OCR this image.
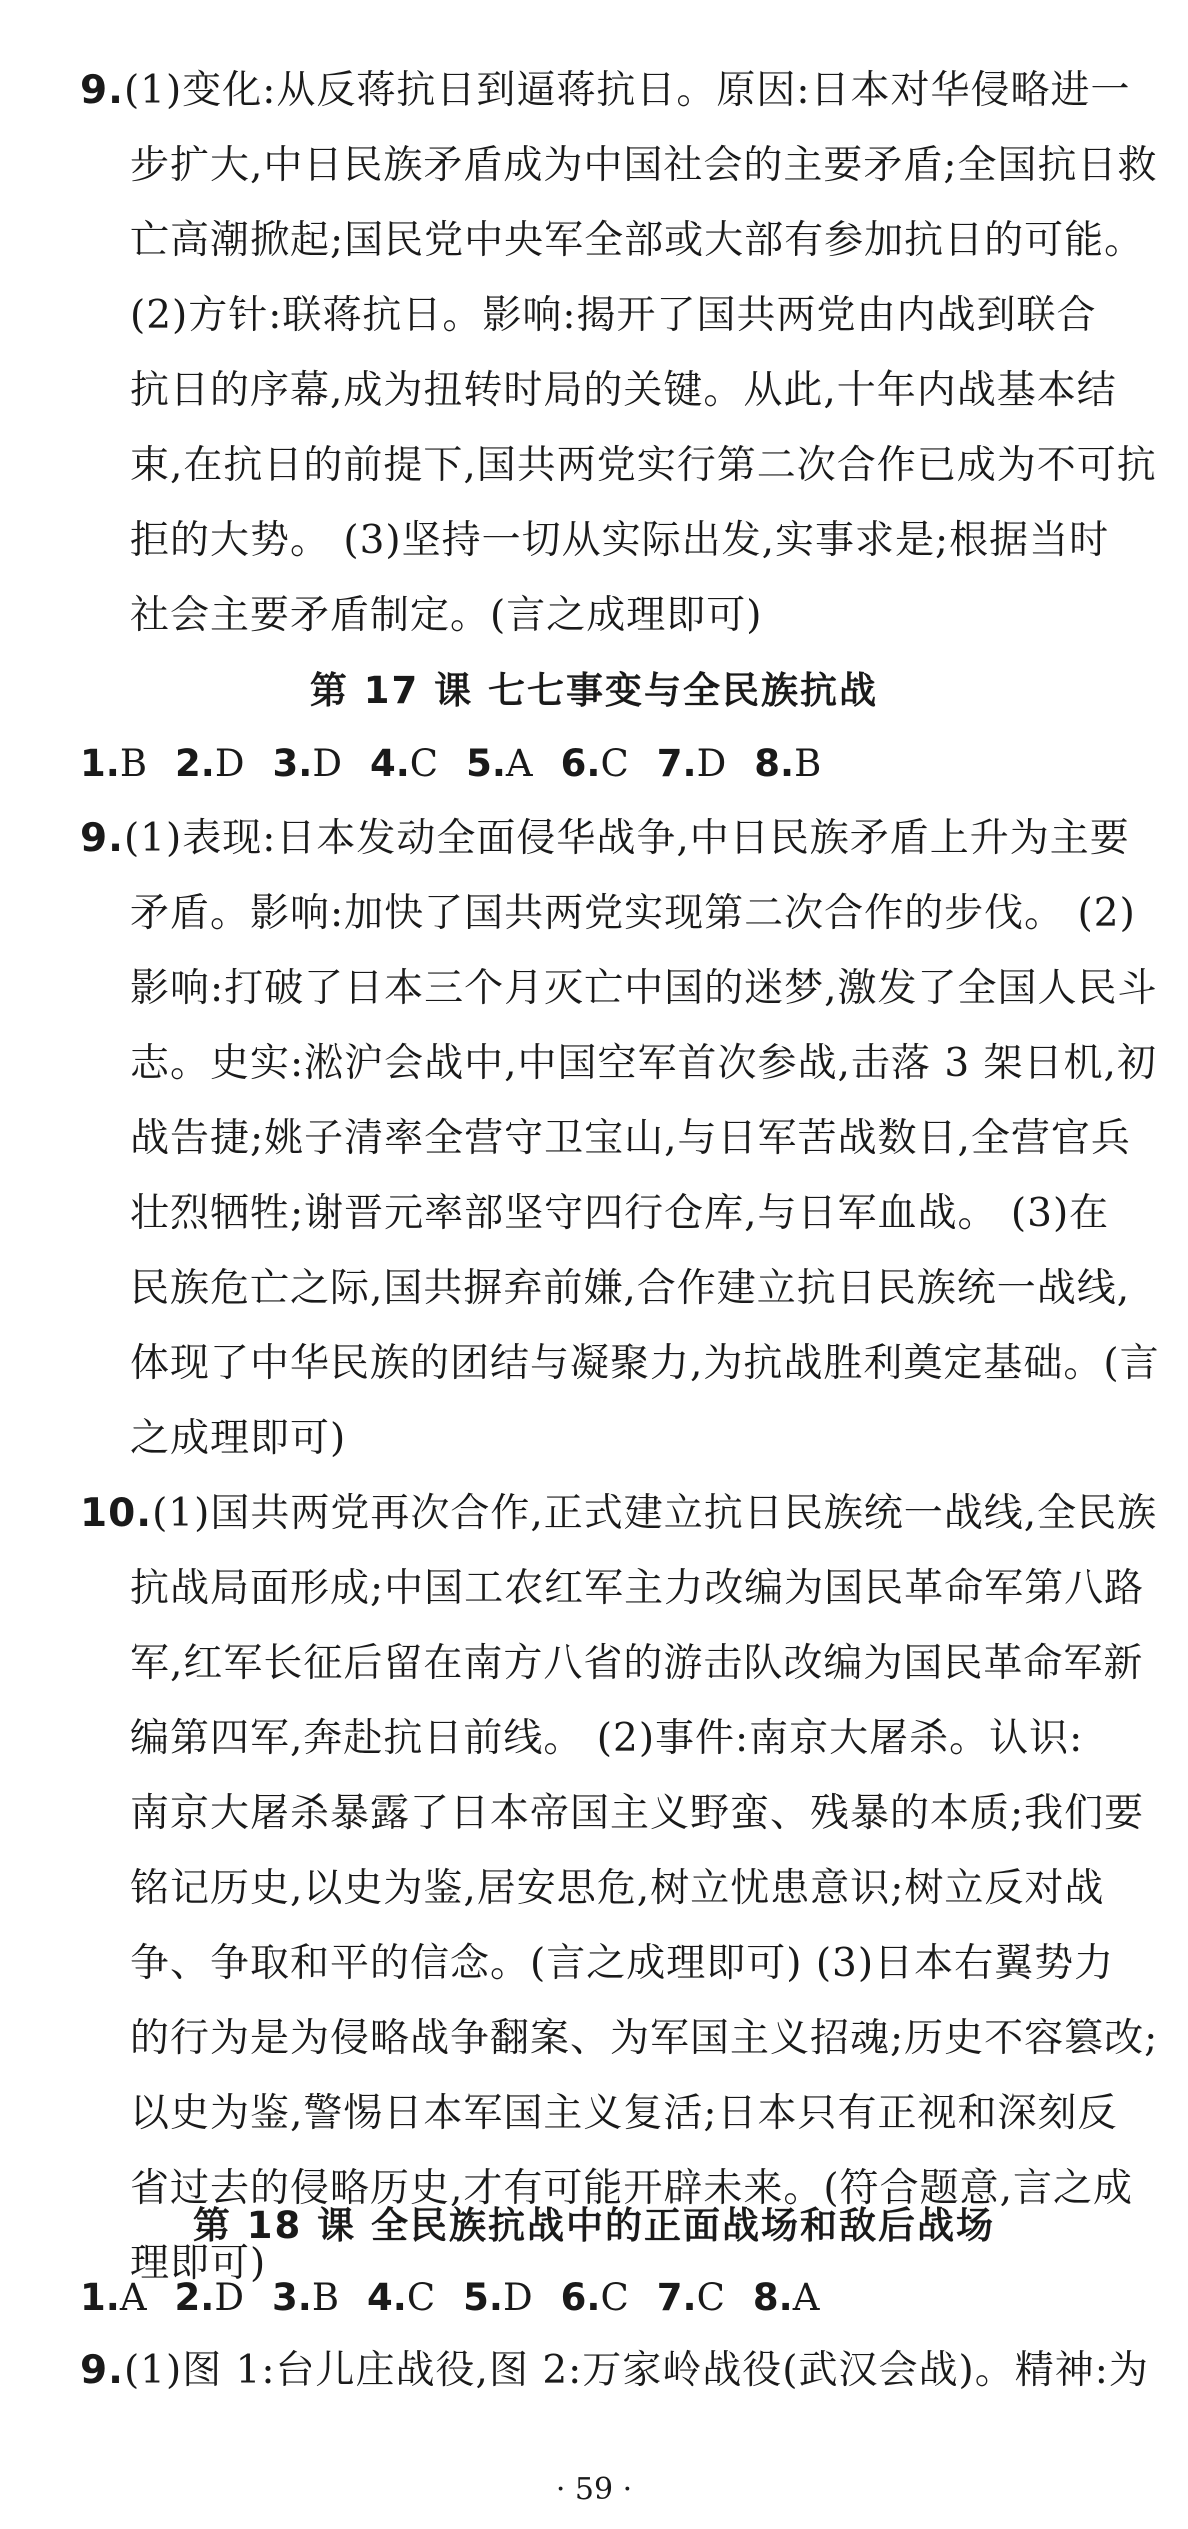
9.(1)变化:从反蒋抗日到逼蒋抗日。原因:日本对华侵略进一
步扩大,中日民族矛盾成为中国社会的主要矛盾;全国抗日救
亡高潮掀起;国民党中央军全部或大部有参加抗日的可能。
(2)方针:联蒋抗日。影响:揭开了国共两党由内战到联合
抗日的序幕,成为扭转时局的关键。从此,十年内战基本结
束,在抗日的前提下,国共两党实行第二次合作已成为不可抗
拒的大势。 (3)坚持一切从实际出发,实事求是;根据当时
社会主要矛盾制定。(言之成理即可)
第 17 课 七七事变与全民族抗战
1.B 2.D 3.D 4.C 5.A 6.C 7.D 8.B
9.(1)表现:日本发动全面侵华战争,中日民族矛盾上升为主要
矛盾。影响:加快了国共两党实现第二次合作的步伐。 (2)
影响:打破了日本三个月灭亡中国的迷梦,激发了全国人民斗
志。史实:淞沪会战中,中国空军首次参战,击落 3 架日机,初
战告捷;姚子清率全营守卫宝山,与日军苦战数日,全营官兵
壮烈牺牲;谢晋元率部坚守四行仓库,与日军血战。 (3)在
民族危亡之际,国共摒弃前嫌,合作建立抗日民族统一战线,
体现了中华民族的团结与凝聚力,为抗战胜利奠定基础。(言
之成理即可)
10.(1)国共两党再次合作,正式建立抗日民族统一战线,全民族
抗战局面形成;中国工农红军主力改编为国民革命军第八路
军,红军长征后留在南方八省的游击队改编为国民革命军新
编第四军,奔赴抗日前线。 (2)事件:南京大屠杀。认识:
南京大屠杀暴露了日本帝国主义野蛮、残暴的本质;我们要
铭记历史,以史为鉴,居安思危,树立忧患意识;树立反对战
争、争取和平的信念。(言之成理即可) (3)日本右翼势力
的行为是为侵略战争翻案、为军国主义招魂;历史不容篡改;
以史为鉴,警惕日本军国主义复活;日本只有正视和深刻反
省过去的侵略历史,才有可能开辟未来。(符合题意,言之成
理即可)
第 18 课 全民族抗战中的正面战场和敌后战场
1.A 2.D 3.B 4.C 5.D 6.C 7.C 8.A
9.(1)图 1:台儿庄战役,图 2:万家岭战役(武汉会战)。精神:为
· 59 ·
